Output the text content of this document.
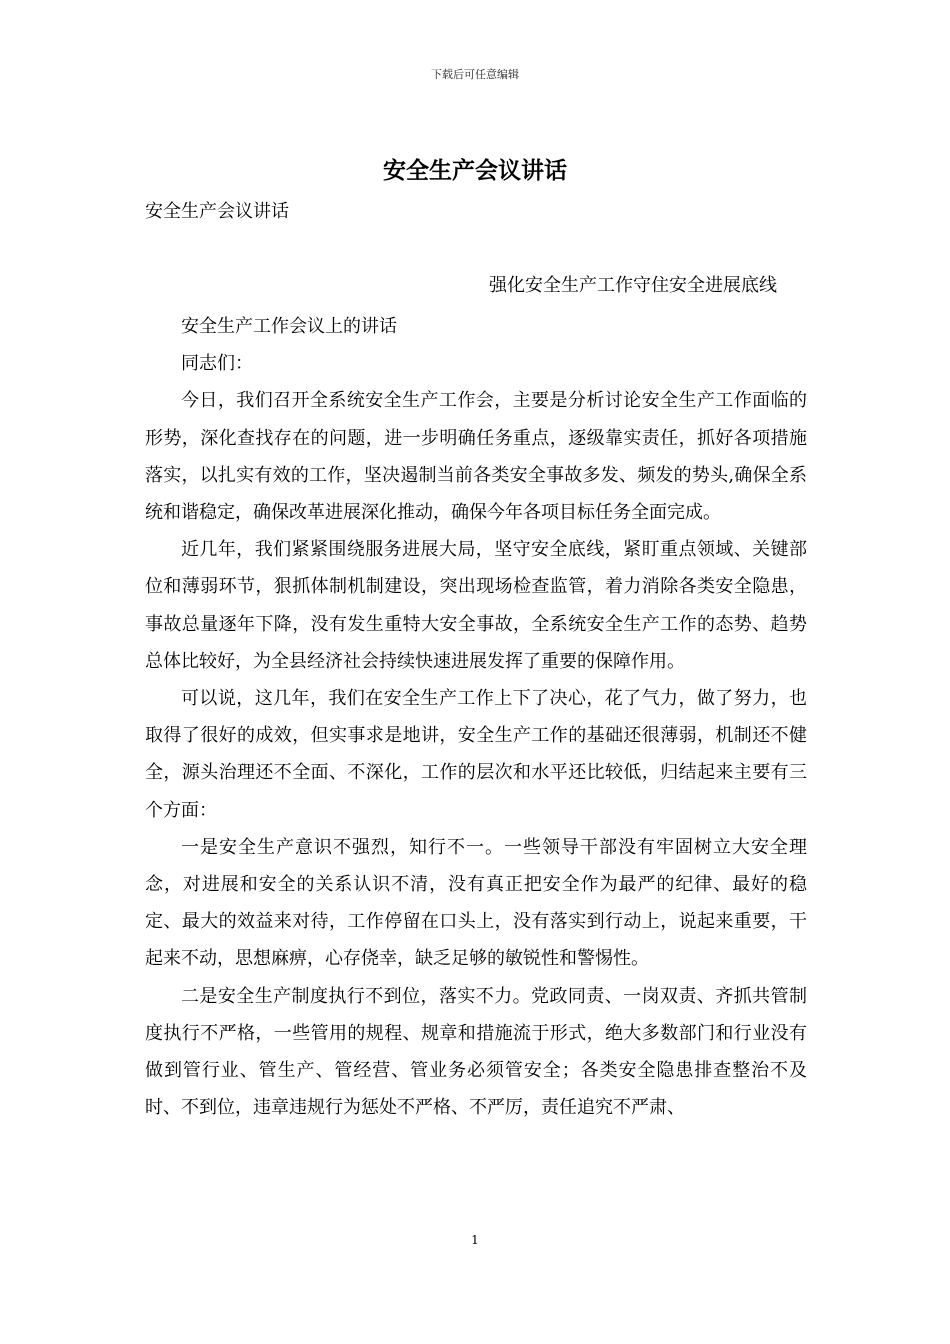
下载后可任意编辑
安全生产会议讲话

安全生产会议讲话

强化安全生产工作守住安全进展底线

安全生产工作会议上的讲话

同志们：

今日，我们召开全系统安全生产工作会，主要是分析讨论安全生产工作面临的形势，深化查找存在的问题，进一步明确任务重点，逐级靠实责任，抓好各项措施落实，以扎实有效的工作，坚决遏制当前各类安全事故多发、频发的势头,确保全系统和谐稳定，确保改革进展深化推动，确保今年各项目标任务全面完成。

近几年，我们紧紧围绕服务进展大局，坚守安全底线，紧盯重点领域、关键部位和薄弱环节，狠抓体制机制建设，突出现场检查监管，着力消除各类安全隐患，事故总量逐年下降，没有发生重特大安全事故，全系统安全生产工作的态势、趋势总体比较好，为全县经济社会持续快速进展发挥了重要的保障作用。

可以说，这几年，我们在安全生产工作上下了决心，花了气力，做了努力，也取得了很好的成效，但实事求是地讲，安全生产工作的基础还很薄弱，机制还不健全，源头治理还不全面、不深化，工作的层次和水平还比较低，归结起来主要有三个方面：

一是安全生产意识不强烈，知行不一。一些领导干部没有牢固树立大安全理念，对进展和安全的关系认识不清，没有真正把安全作为最严的纪律、最好的稳定、最大的效益来对待，工作停留在口头上，没有落实到行动上，说起来重要，干起来不动，思想麻痹，心存侥幸，缺乏足够的敏锐性和警惕性。

二是安全生产制度执行不到位，落实不力。党政同责、一岗双责、齐抓共管制度执行不严格，一些管用的规程、规章和措施流于形式，绝大多数部门和行业没有做到管行业、管生产、管经营、管业务必须管安全；各类安全隐患排查整治不及时、不到位，违章违规行为惩处不严格、不严厉，责任追究不严肃、

1
